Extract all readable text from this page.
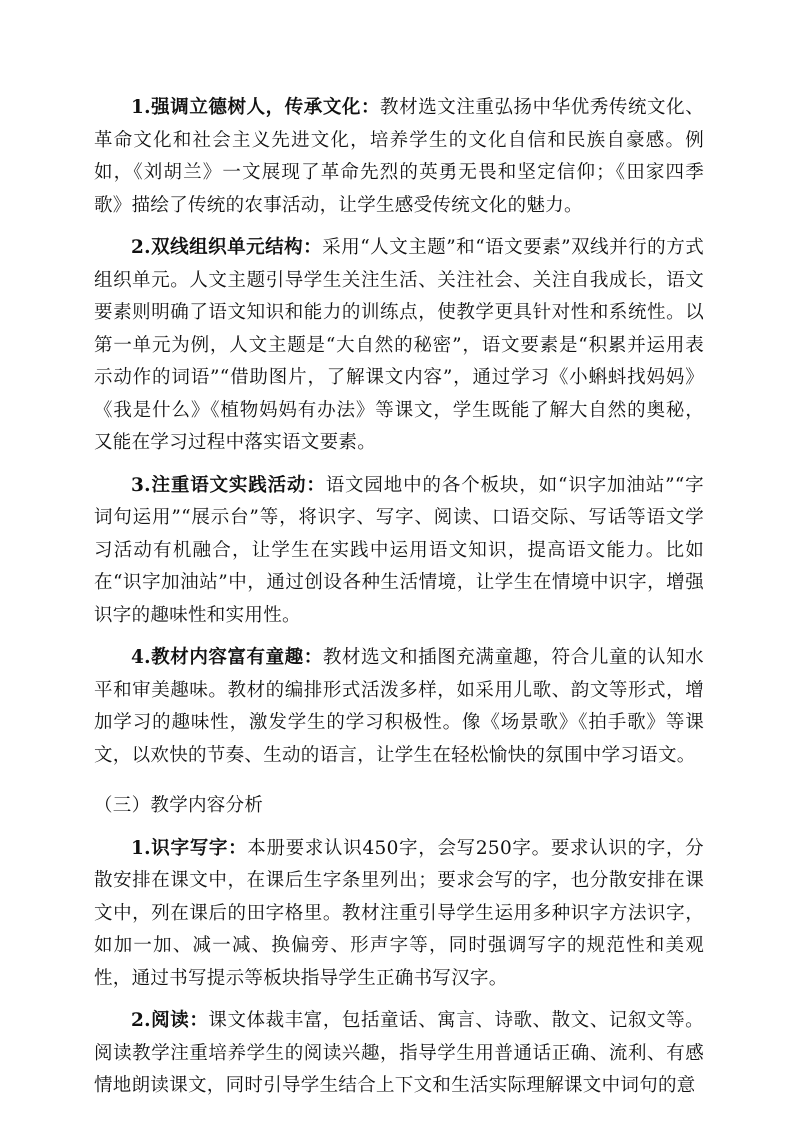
1.强调立德树人，传承文化：教材选文注重弘扬中华优秀传统文化、革命文化和社会主义先进文化，培养学生的文化自信和民族自豪感。例如，《刘胡兰》一文展现了革命先烈的英勇无畏和坚定信仰；《田家四季歌》描绘了传统的农事活动，让学生感受传统文化的魅力。

2.双线组织单元结构：采用“人文主题”和“语文要素”双线并行的方式组织单元。人文主题引导学生关注生活、关注社会、关注自我成长，语文要素则明确了语文知识和能力的训练点，使教学更具针对性和系统性。以第一单元为例，人文主题是“大自然的秘密”，语文要素是“积累并运用表示动作的词语”“借助图片，了解课文内容”，通过学习《小蝌蚪找妈妈》《我是什么》《植物妈妈有办法》等课文，学生既能了解大自然的奥秘，又能在学习过程中落实语文要素。

3.注重语文实践活动：语文园地中的各个板块，如“识字加油站”“字词句运用”“展示台”等，将识字、写字、阅读、口语交际、写话等语文学习活动有机融合，让学生在实践中运用语文知识，提高语文能力。比如在“识字加油站”中，通过创设各种生活情境，让学生在情境中识字，增强识字的趣味性和实用性。

4.教材内容富有童趣：教材选文和插图充满童趣，符合儿童的认知水平和审美趣味。教材的编排形式活泼多样，如采用儿歌、韵文等形式，增加学习的趣味性，激发学生的学习积极性。像《场景歌》《拍手歌》等课文，以欢快的节奏、生动的语言，让学生在轻松愉快的氛围中学习语文。

（三）教学内容分析

1.识字写字：本册要求认识450字，会写250字。要求认识的字，分散安排在课文中，在课后生字条里列出；要求会写的字，也分散安排在课文中，列在课后的田字格里。教材注重引导学生运用多种识字方法识字，如加一加、减一减、换偏旁、形声字等，同时强调写字的规范性和美观性，通过书写提示等板块指导学生正确书写汉字。

2.阅读：课文体裁丰富，包括童话、寓言、诗歌、散文、记叙文等。阅读教学注重培养学生的阅读兴趣，指导学生用普通话正确、流利、有感情地朗读课文，同时引导学生结合上下文和生活实际理解课文中词句的意
